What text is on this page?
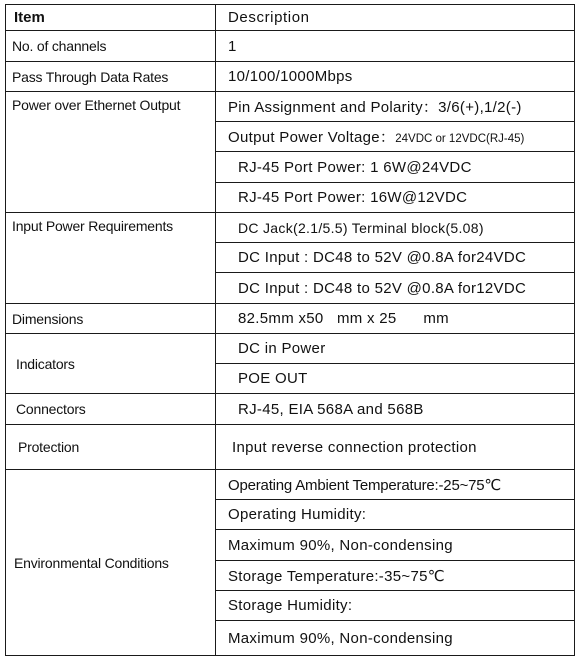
Item	Description
No. of channels	1
Pass Through Data Rates	10/100/1000Mbps
Power over Ethernet Output	Pin Assignment and Polarity：3/6(+),1/2(-)
	Output Power Voltage：24VDC or 12VDC(RJ-45)
	RJ-45 Port Power: 1 6W@24VDC
	RJ-45 Port Power: 16W@12VDC
Input Power Requirements	DC Jack(2.1/5.5) Terminal block(5.08)
	DC Input : DC48 to 52V @0.8A for24VDC
	DC Input : DC48 to 52V @0.8A for12VDC
Dimensions	82.5mm x50   mm x 25      mm
Indicators	DC in Power
	POE OUT
Connectors	RJ-45, EIA 568A and 568B
Protection	Input reverse connection protection
Environmental Conditions	Operating Ambient Temperature:-25~75℃
	Operating Humidity:
	Maximum 90%, Non-condensing
	Storage Temperature:-35~75℃
	Storage Humidity:
	Maximum 90%, Non-condensing
